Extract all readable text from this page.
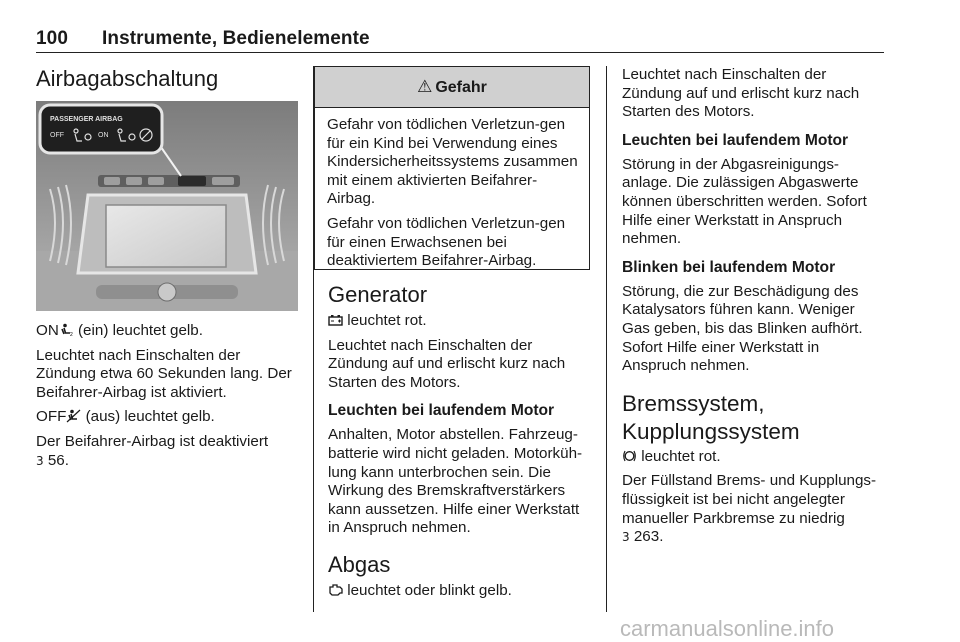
100 Instrumente, Bedienelemente
Airbagabschaltung
PASSENGER AIRBAG
OFF	ON

ON 2 (ein) leuchtet gelb.

Leuchtet nach Einschalten der Zündung etwa 60 Sekunden lang. Der Beifahrer-Airbag ist aktiviert.

OFF
(aus) leuchtet gelb.

Der Beifahrer-Airbag ist deaktiviert
3 56.

⚠ Gefahr

Gefahr von tödlichen Verletzun-gen für ein Kind bei Verwendung eines Kindersicherheitssystems zusammen mit einem aktivierten Beifahrer-Airbag.

Gefahr von tödlichen Verletzun-gen für einen Erwachsenen bei deaktiviertem Beifahrer-Airbag.

Generator

leuchtet rot.

Leuchtet nach Einschalten der Zündung auf und erlischt kurz nach Starten des Motors.

Leuchten bei laufendem Motor

Anhalten, Motor abstellen. Fahrzeug-batterie wird nicht geladen. Motorküh-lung kann unterbrochen sein. Die Wirkung des Bremskraftverstärkers kann aussetzen. Hilfe einer Werkstatt in Anspruch nehmen.

Abgas

leuchtet oder blinkt gelb.

Leuchtet nach Einschalten der Zündung auf und erlischt kurz nach Starten des Motors.

Leuchten bei laufendem Motor

Störung in der Abgasreinigungs-anlage. Die zulässigen Abgaswerte können überschritten werden. Sofort Hilfe einer Werkstatt in Anspruch nehmen.

Blinken bei laufendem Motor

Störung, die zur Beschädigung des Katalysators führen kann. Weniger Gas geben, bis das Blinken aufhört. Sofort Hilfe einer Werkstatt in Anspruch nehmen.

Bremssystem,
Kupplungssystem

leuchtet rot.

Der Füllstand Brems- und Kupplungs-flüssigkeit ist bei nicht angelegter manueller Parkbremse zu niedrig
3 263.

carmanualsonline.info
